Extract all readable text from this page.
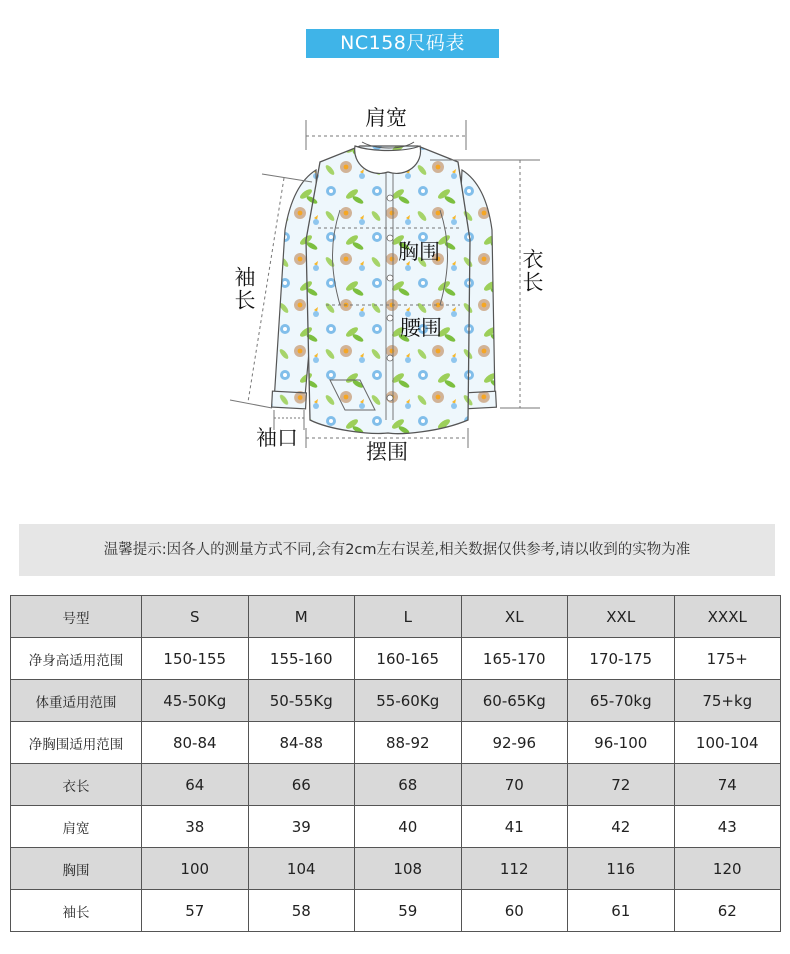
NC158尺码表
肩宽
胸围
腰围
衣长
袖长
袖口
摆围
温馨提示:因各人的测量方式不同,会有2cm左右误差,相关数据仅供参考,请以收到的实物为准
号型	S	M	L	XL	XXL	XXXL
净身高适用范围	150-155	155-160	160-165	165-170	170-175	175+
体重适用范围	45-50Kg	50-55Kg	55-60Kg	60-65Kg	65-70kg	75+kg
净胸围适用范围	80-84	84-88	88-92	92-96	96-100	100-104
衣长	64	66	68	70	72	74
肩宽	38	39	40	41	42	43
胸围	100	104	108	112	116	120
袖长	57	58	59	60	61	62
